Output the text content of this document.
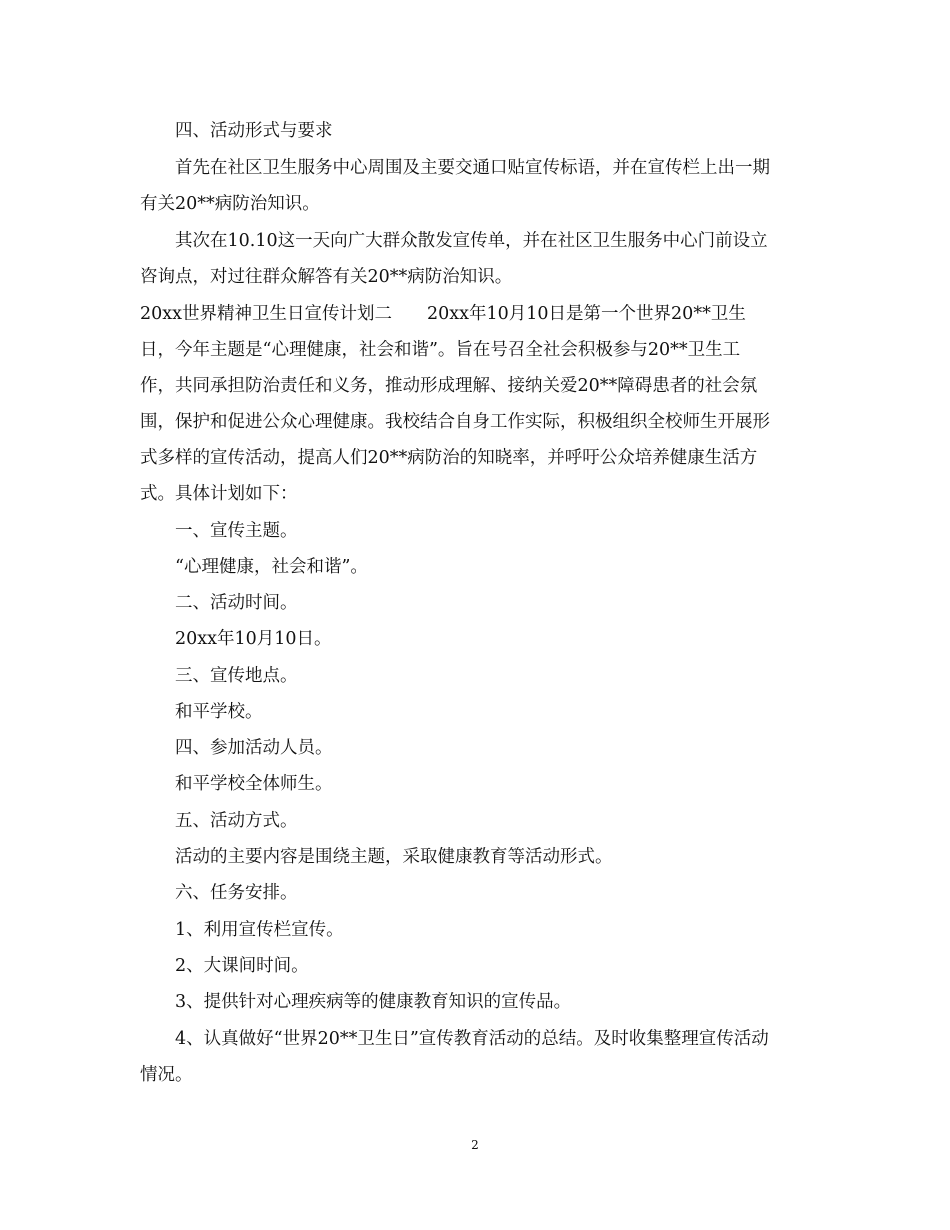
四、活动形式与要求
首先在社区卫生服务中心周围及主要交通口贴宣传标语，并在宣传栏上出一期
有关20**病防治知识。
其次在10.10这一天向广大群众散发宣传单，并在社区卫生服务中心门前设立
咨询点，对过往群众解答有关20**病防治知识。
20xx世界精神卫生日宣传计划二　　20xx年10月10日是第一个世界20**卫生
日，今年主题是“心理健康，社会和谐”。旨在号召全社会积极参与20**卫生工
作，共同承担防治责任和义务，推动形成理解、接纳关爱20**障碍患者的社会氛
围，保护和促进公众心理健康。我校结合自身工作实际，积极组织全校师生开展形
式多样的宣传活动，提高人们20**病防治的知晓率，并呼吁公众培养健康生活方
式。具体计划如下：
一、宣传主题。
“心理健康，社会和谐”。
二、活动时间。
20xx年10月10日。
三、宣传地点。
和平学校。
四、参加活动人员。
和平学校全体师生。
五、活动方式。
活动的主要内容是围绕主题，采取健康教育等活动形式。
六、任务安排。
1、利用宣传栏宣传。
2、大课间时间。
3、提供针对心理疾病等的健康教育知识的宣传品。
4、认真做好“世界20**卫生日”宣传教育活动的总结。及时收集整理宣传活动
情况。
2
